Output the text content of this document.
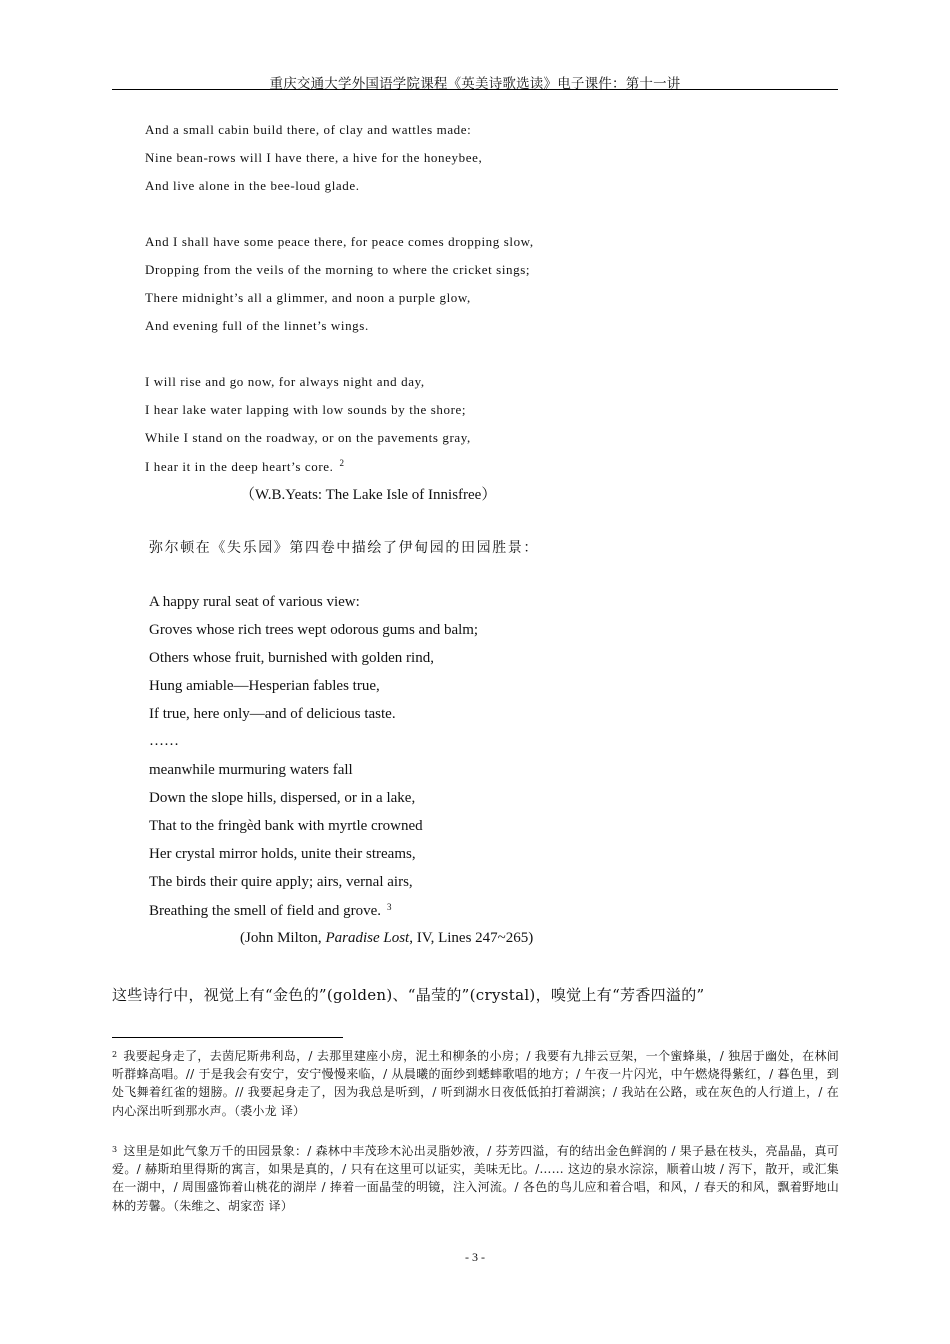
重庆交通大学外国语学院课程《英美诗歌选读》电子课件：第十一讲
And a small cabin build there, of clay and wattles made:
Nine bean-rows will I have there, a hive for the honeybee,
And live alone in the bee-loud glade.
And I shall have some peace there, for peace comes dropping slow,
Dropping from the veils of the morning to where the cricket sings;
There midnight’s all a glimmer, and noon a purple glow,
And evening full of the linnet’s wings.
I will rise and go now, for always night and day,
I hear lake water lapping with low sounds by the shore;
While I stand on the roadway, or on the pavements gray,
I hear it in the deep heart’s core. $^2$
（W.B.Yeats: The Lake Isle of Innisfree）
弥尔顿在《失乐园》第四卷中描绘了伊甸园的田园胜景：
A happy rural seat of various view:
Groves whose rich trees wept odorous gums and balm;
Others whose fruit, burnished with golden rind,
Hung amiable—Hesperian fables true,
If true, here only—and of delicious taste.
……
meanwhile murmuring waters fall
Down the slope hills, dispersed, or in a lake,
That to the fringèd bank with myrtle crowned
Her crystal mirror holds, unite their streams,
The birds their quire apply; airs, vernal airs,
Breathing the smell of field and grove. $^3$
(John Milton, Paradise Lost, IV, Lines 247~265)
这些诗行中，视觉上有“金色的”(golden)、“晶莹的”(crystal)，嗅觉上有“芳香四溢的”
$^2$ 我要起身走了，去茵尼斯弗利岛，/ 去那里建座小房，泥土和柳条的小房；/ 我要有九排云豆架，一个蜜蜂巢，/ 独居于幽处，在林间听群蜂高唱。// 于是我会有安宁，安宁慢慢来临，/ 从晨曦的面纱到蟋蟀歌唱的地方；/ 午夜一片闪光，中午燃烧得紫红，/ 暮色里，到处飞舞着红雀的翅膀。// 我要起身走了，因为我总是听到，/ 听到湖水日夜低低拍打着湖滨；/ 我站在公路，或在灰色的人行道上，/ 在内心深出听到那水声。（裘小龙 译）
$^3$ 这里是如此气象万千的田园景象：/ 森林中丰茂珍木沁出灵脂妙液，/ 芬芳四溢，有的结出金色鲜润的 / 果子悬在枝头，亮晶晶，真可爱。/ 赫斯珀里得斯的寓言，如果是真的，/ 只有在这里可以证实，美味无比。/…… 这边的泉水淙淙，顺着山坡 / 泻下，散开，或汇集在一湖中，/ 周围盛饰着山桃花的湖岸 / 捧着一面晶莹的明镜，注入河流。/ 各色的鸟儿应和着合唱，和风，/ 春天的和风，飘着野地山林的芳馨。（朱维之、胡家峦 译）
- 3 -
